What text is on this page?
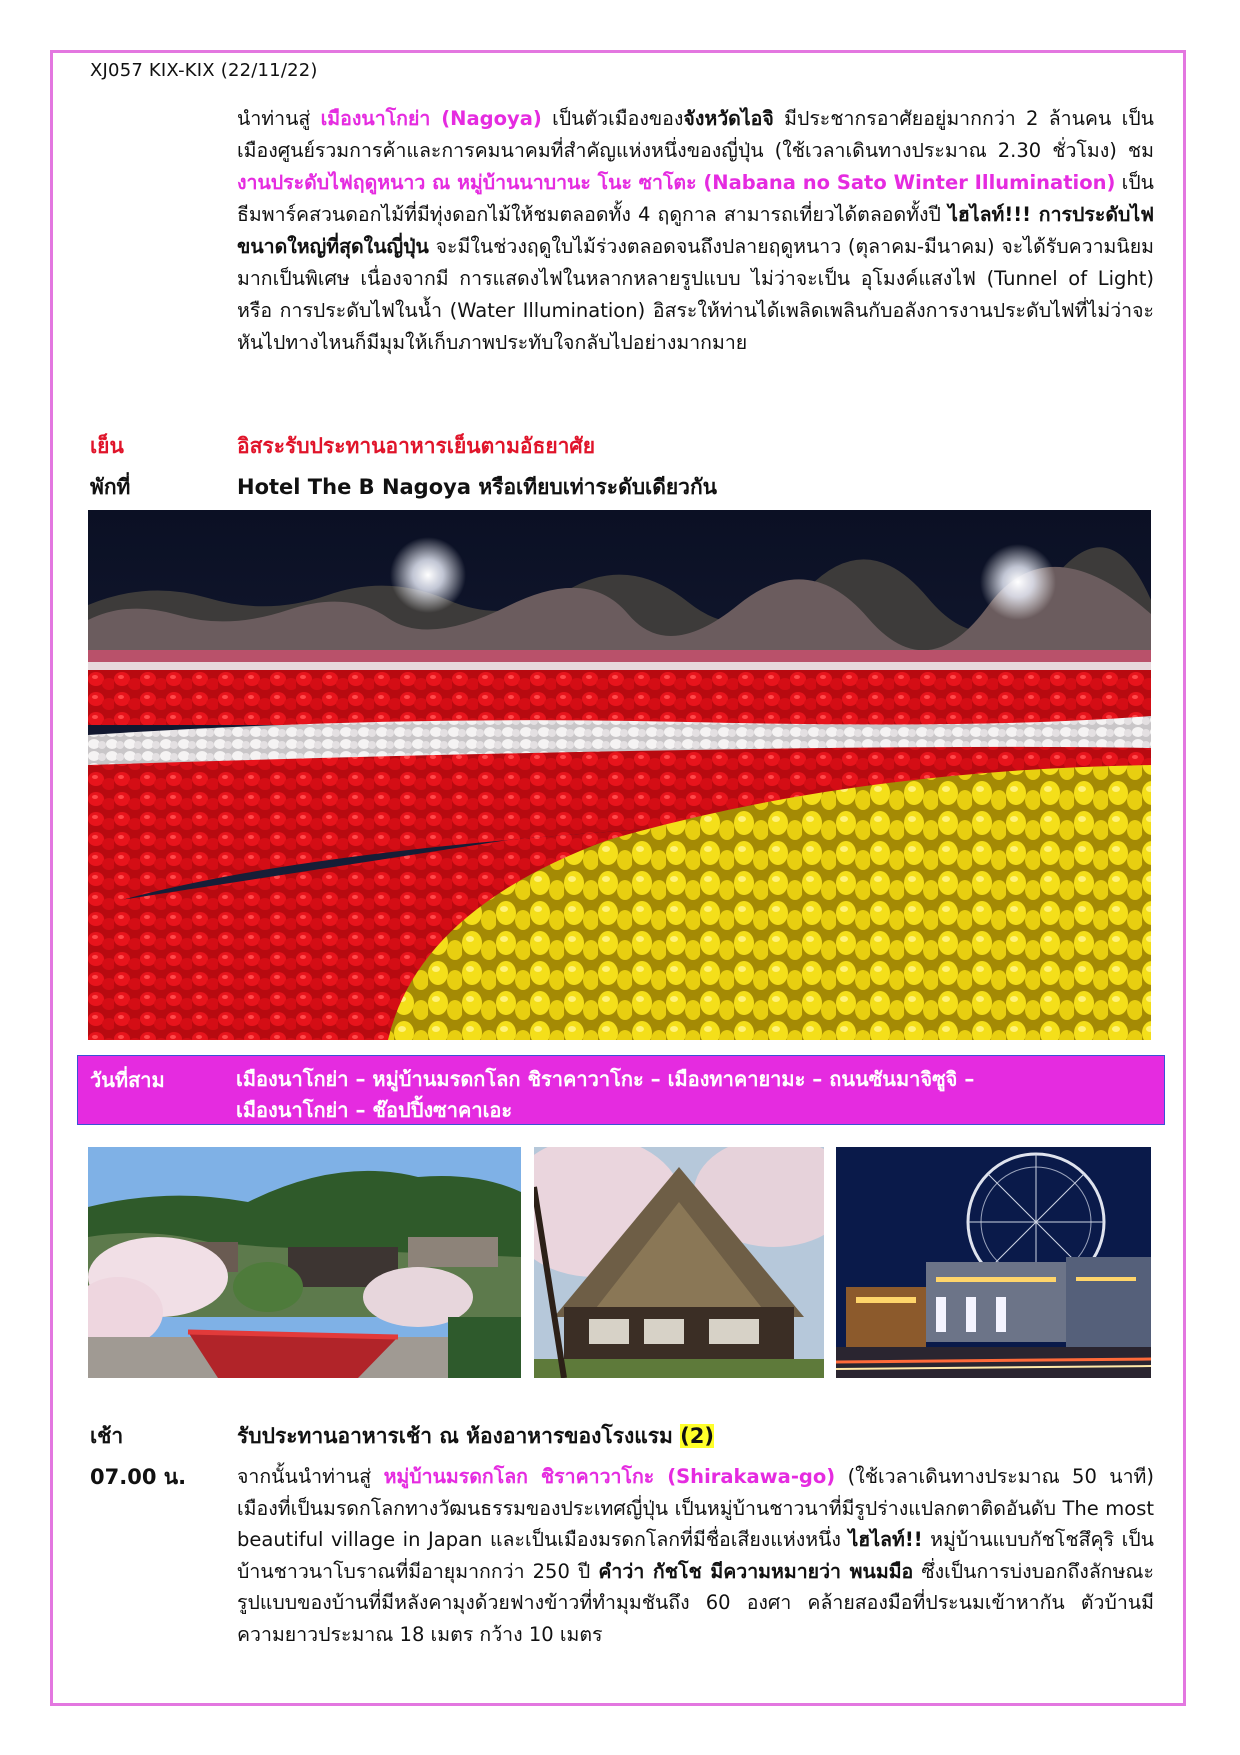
XJ057 KIX-KIX (22/11/22)

นำท่านสู่ เมืองนาโกย่า (Nagoya) เป็นตัวเมืองของจังหวัดไอจิ มีประชากรอาศัยอยู่มากกว่า 2 ล้านคน เป็นเมืองศูนย์รวมการค้าและการคมนาคมที่สำคัญแห่งหนึ่งของญี่ปุ่น (ใช้เวลาเดินทางประมาณ 2.30 ชั่วโมง) ชม งานประดับไฟฤดูหนาว ณ หมู่บ้านนาบานะ โนะ ซาโตะ (Nabana no Sato Winter Illumination) เป็นธีมพาร์คสวนดอกไม้ที่มีทุ่งดอกไม้ให้ชมตลอดทั้ง 4 ฤดูกาล สามารถเที่ยวได้ตลอดทั้งปี ไฮไลท์!!! การประดับไฟขนาดใหญ่ที่สุดในญี่ปุ่น จะมีในช่วงฤดูใบไม้ร่วงตลอดจนถึงปลายฤดูหนาว (ตุลาคม-มีนาคม) จะได้รับความนิยมมากเป็นพิเศษ เนื่องจากมี การแสดงไฟในหลากหลายรูปแบบ ไม่ว่าจะเป็น อุโมงค์แสงไฟ (Tunnel of Light) หรือ การประดับไฟในน้ำ (Water Illumination) อิสระให้ท่านได้เพลิดเพลินกับอลังการงานประดับไฟที่ไม่ว่าจะหันไปทางไหนก็มีมุมให้เก็บภาพประทับใจกลับไปอย่างมากมาย

เย็น	อิสระรับประทานอาหารเย็นตามอัธยาศัย
พักที่	Hotel The B Nagoya หรือเทียบเท่าระดับเดียวกัน
วันที่สาม	เมืองนาโกย่า – หมู่บ้านมรดกโลก ชิราคาวาโกะ – เมืองทาคายามะ – ถนนซันมาจิซูจิ –
เมืองนาโกย่า – ช๊อปปิ้งซาคาเอะ
เช้า	รับประทานอาหารเช้า ณ ห้องอาหารของโรงแรม (2)
07.00 น.	จากนั้นนำท่านสู่ หมู่บ้านมรดกโลก ชิราคาวาโกะ (Shirakawa-go) (ใช้เวลาเดินทางประมาณ 50 นาที) เมืองที่เป็นมรดกโลกทางวัฒนธรรมของประเทศญี่ปุ่น เป็นหมู่บ้านชาวนาที่มีรูปร่างแปลกตาติดอันดับ The most beautiful village in Japan และเป็นเมืองมรดกโลกที่มีชื่อเสียงแห่งหนึ่ง ไฮไลท์!! หมู่บ้านแบบกัชโชสึคุริ เป็นบ้านชาวนาโบราณที่มีอายุมากกว่า 250 ปี คำว่า กัชโช มีความหมายว่า พนมมือ ซึ่งเป็นการบ่งบอกถึงลักษณะ รูปแบบของบ้านที่มีหลังคามุงด้วยฟางข้าวที่ทำมุมชันถึง 60 องศา คล้ายสองมือที่ประนมเข้าหากัน ตัวบ้านมีความยาวประมาณ 18 เมตร กว้าง 10 เมตร
